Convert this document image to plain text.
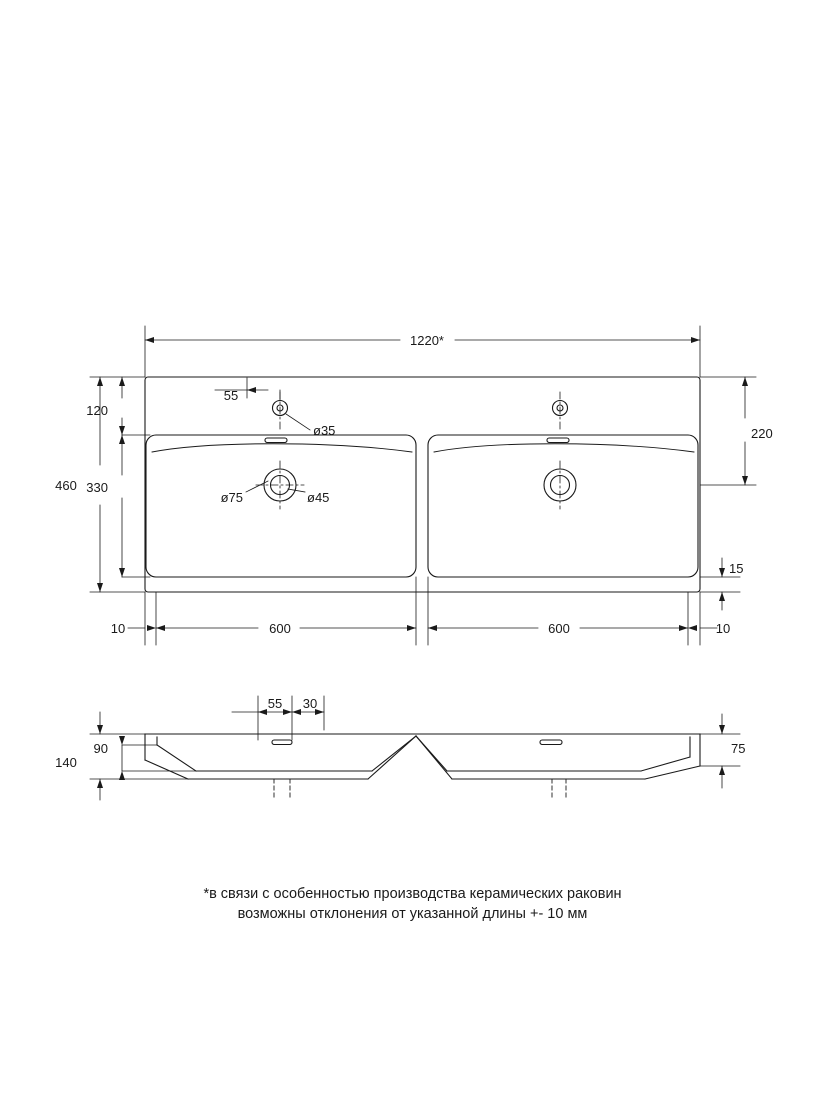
1220*
460
120
330
55
ø35
ø75	ø45
220
15
10	600	600	10
140
90
55 30
75
*в связи с особенностью производства керамических раковин
возможны отклонения от указанной длины +- 10 мм
